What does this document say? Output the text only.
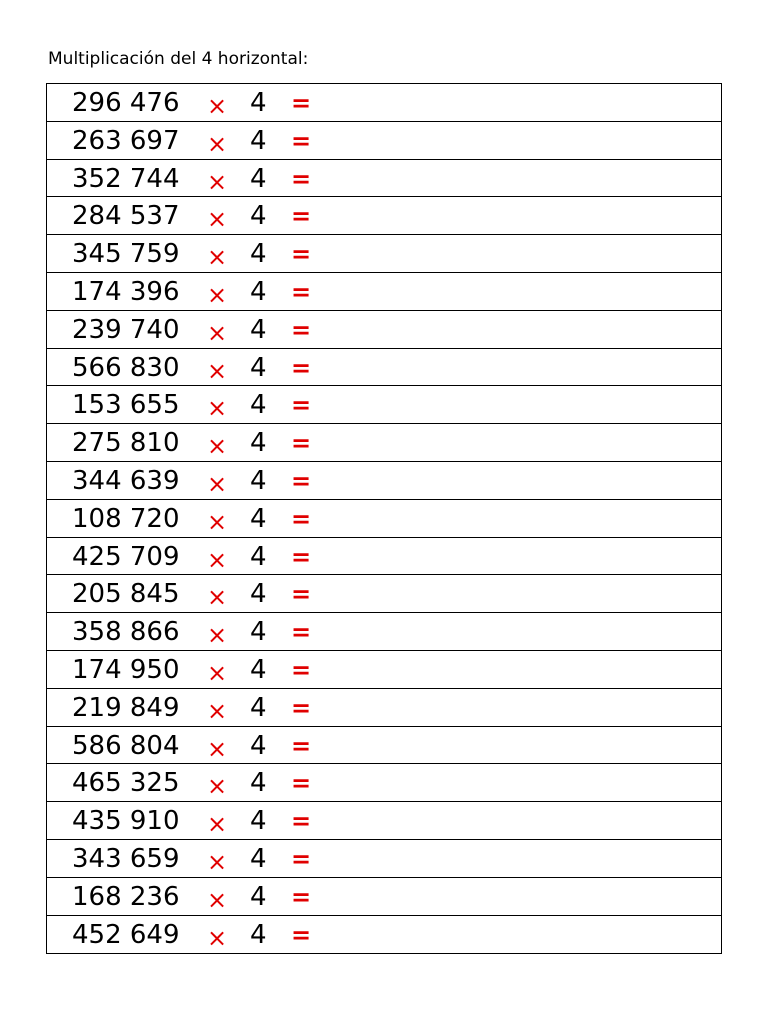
Multiplicación del 4 horizontal:
296 476 × 4 =
263 697 × 4 =
352 744 × 4 =
284 537 × 4 =
345 759 × 4 =
174 396 × 4 =
239 740 × 4 =
566 830 × 4 =
153 655 × 4 =
275 810 × 4 =
344 639 × 4 =
108 720 × 4 =
425 709 × 4 =
205 845 × 4 =
358 866 × 4 =
174 950 × 4 =
219 849 × 4 =
586 804 × 4 =
465 325 × 4 =
435 910 × 4 =
343 659 × 4 =
168 236 × 4 =
452 649 × 4 =
